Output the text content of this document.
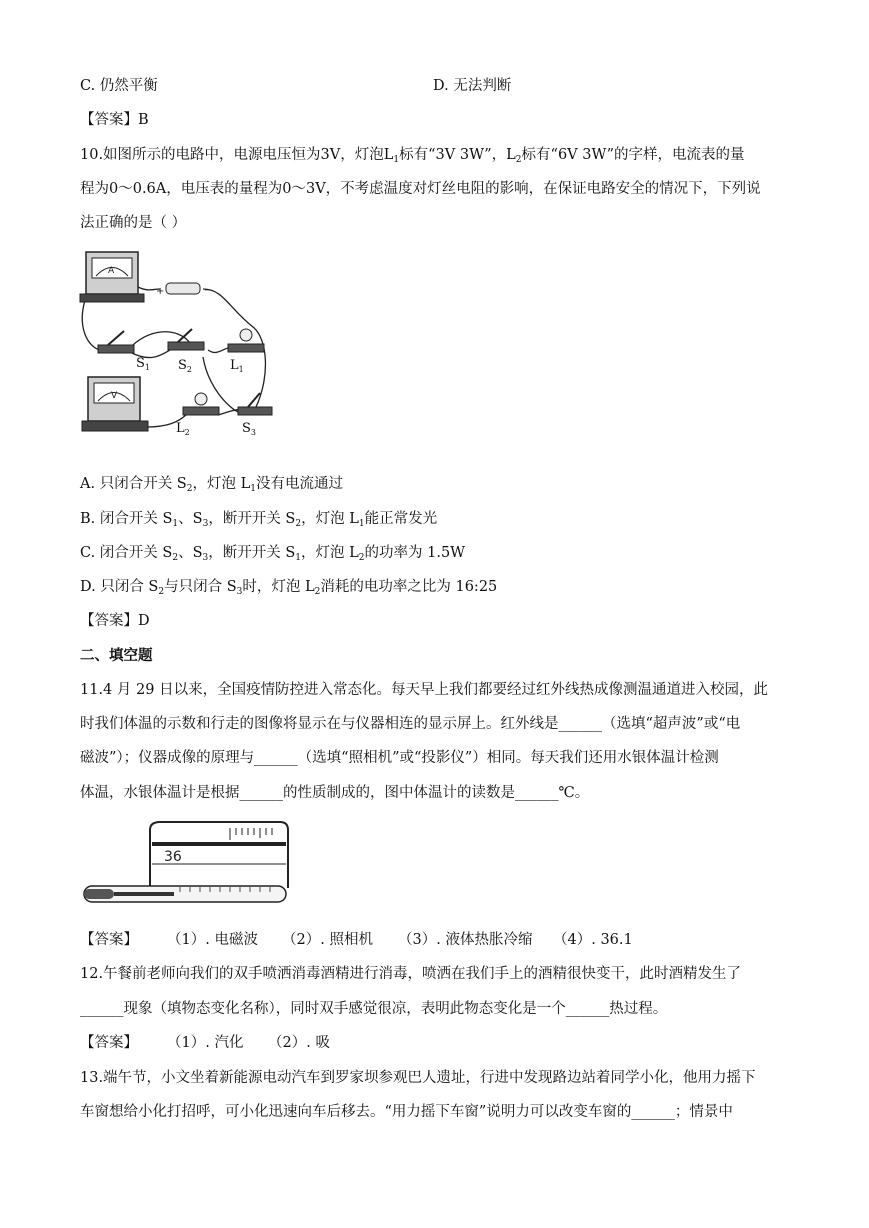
C. 仍然平衡	D. 无法判断
【答案】B
10.如图所示的电路中，电源电压恒为3V，灯泡$L_1$标有“3V 3W”，$L_2$标有“6V 3W”的字样，电流表的量
程为0～0.6A，电压表的量程为0～3V，不考虑温度对灯丝电阻的影响，在保证电路安全的情况下，下列说
法正确的是（ ）
A
+	−
V
$S_1$ $S_2$	$L_1$
$L_2$	$S_3$
A. 只闭合开关 $S_2$，灯泡 $L_1$没有电流通过
B. 闭合开关 $S_1$、$S_3$，断开开关 $S_2$，灯泡 $L_1$能正常发光
C. 闭合开关 $S_2$、$S_3$，断开开关 $S_1$，灯泡 $L_2$的功率为 1.5W
D. 只闭合 $S_2$与只闭合 $S_3$时，灯泡 $L_2$消耗的电功率之比为 16:25
【答案】D
二、填空题
11.4 月 29 日以来，全国疫情防控进入常态化。每天早上我们都要经过红外线热成像测温通道进入校园，此
时我们体温的示数和行走的图像将显示在与仪器相连的显示屏上。红外线是______（选填“超声波”或“电
磁波”）；仪器成像的原理与______（选填“照相机”或“投影仪”）相同。每天我们还用水银体温计检测
体温，水银体温计是根据______的性质制成的，图中体温计的读数是______℃。
36
【答案】 （1）. 电磁波 （2）. 照相机 （3）. 液体热胀冷缩 （4）. 36.1
12.午餐前老师向我们的双手喷洒消毒酒精进行消毒，喷洒在我们手上的酒精很快变干，此时酒精发生了
______现象（填物态变化名称），同时双手感觉很凉，表明此物态变化是一个______热过程。
【答案】 （1）. 汽化 （2）. 吸
13.端午节，小文坐着新能源电动汽车到罗家坝参观巴人遗址，行进中发现路边站着同学小化，他用力摇下
车窗想给小化打招呼，可小化迅速向车后移去。“用力摇下车窗”说明力可以改变车窗的______；情景中
